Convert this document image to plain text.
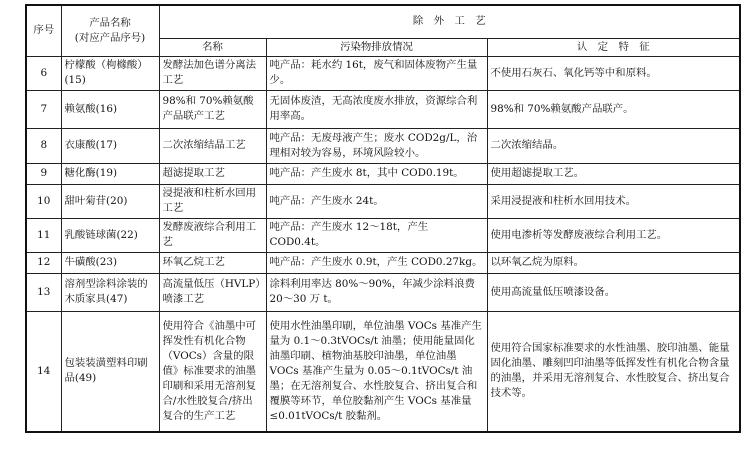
序号	产品名称
(对应产品序号)	除　外　工　艺		
		名称	污染物排放情况	认　定　特　征
6	柠檬酸（枸橼酸）(15)	发酵法加色谱分离法工艺	吨产品：耗水约 16t，废气和固体废物产生量少。	不使用石灰石、氧化钙等中和原料。
7	赖氨酸(16)	98%和 70%赖氨酸产品联产工艺	无固体废渣，无高浓度废水排放，资源综合利用率高。	98%和 70%赖氨酸产品联产。
8	衣康酸(17)	二次浓缩结晶工艺	吨产品：无废母液产生；废水 COD2g/L，治理相对较为容易，环境风险较小。	二次浓缩结晶。
9	糖化酶(19)	超滤提取工艺	吨产品：产生废水 8t，其中 COD0.19t。	使用超滤提取工艺。
10	甜叶菊苷(20)	浸提液和柱析水回用工艺	吨产品：产生废水 24t。	采用浸提液和柱析水回用技术。
11	乳酸链球菌(22)	发酵废液综合利用工艺	吨产品：产生废水 12～18t，产生 COD0.4t。	使用电渗析等发酵废液综合利用工艺。
12	牛磺酸(23)	环氧乙烷工艺	吨产品：产生废水 0.9t，产生 COD0.27kg。	以环氧乙烷为原料。
13	溶剂型涂料涂装的木质家具(47)	高流量低压（HVLP）喷漆工艺	涂料利用率达 80%～90%，年减少涂料浪费 20～30 万 t。	使用高流量低压喷漆设备。
14	包装装潢塑料印刷品(49)	使用符合《油墨中可挥发性有机化合物（VOCs）含量的限值》标准要求的油墨印刷和采用无溶剂复合/水性胶复合/挤出复合的生产工艺	使用水性油墨印刷，单位油墨 VOCs 基准产生量为 0.1～0.3tVOCs/t 油墨；使用能量固化油墨印刷、植物油基胶印油墨，单位油墨 VOCs 基准产生量为 0.05～0.1tVOCs/t 油墨；在无溶剂复合、水性胶复合、挤出复合和覆膜等环节，单位胶黏剂产生 VOCs 基准量≤0.01tVOCs/t 胶黏剂。	使用符合国家标准要求的水性油墨、胶印油墨、能量固化油墨、雕刻凹印油墨等低挥发性有机化合物含量的油墨，并采用无溶剂复合、水性胶复合、挤出复合技术等。
